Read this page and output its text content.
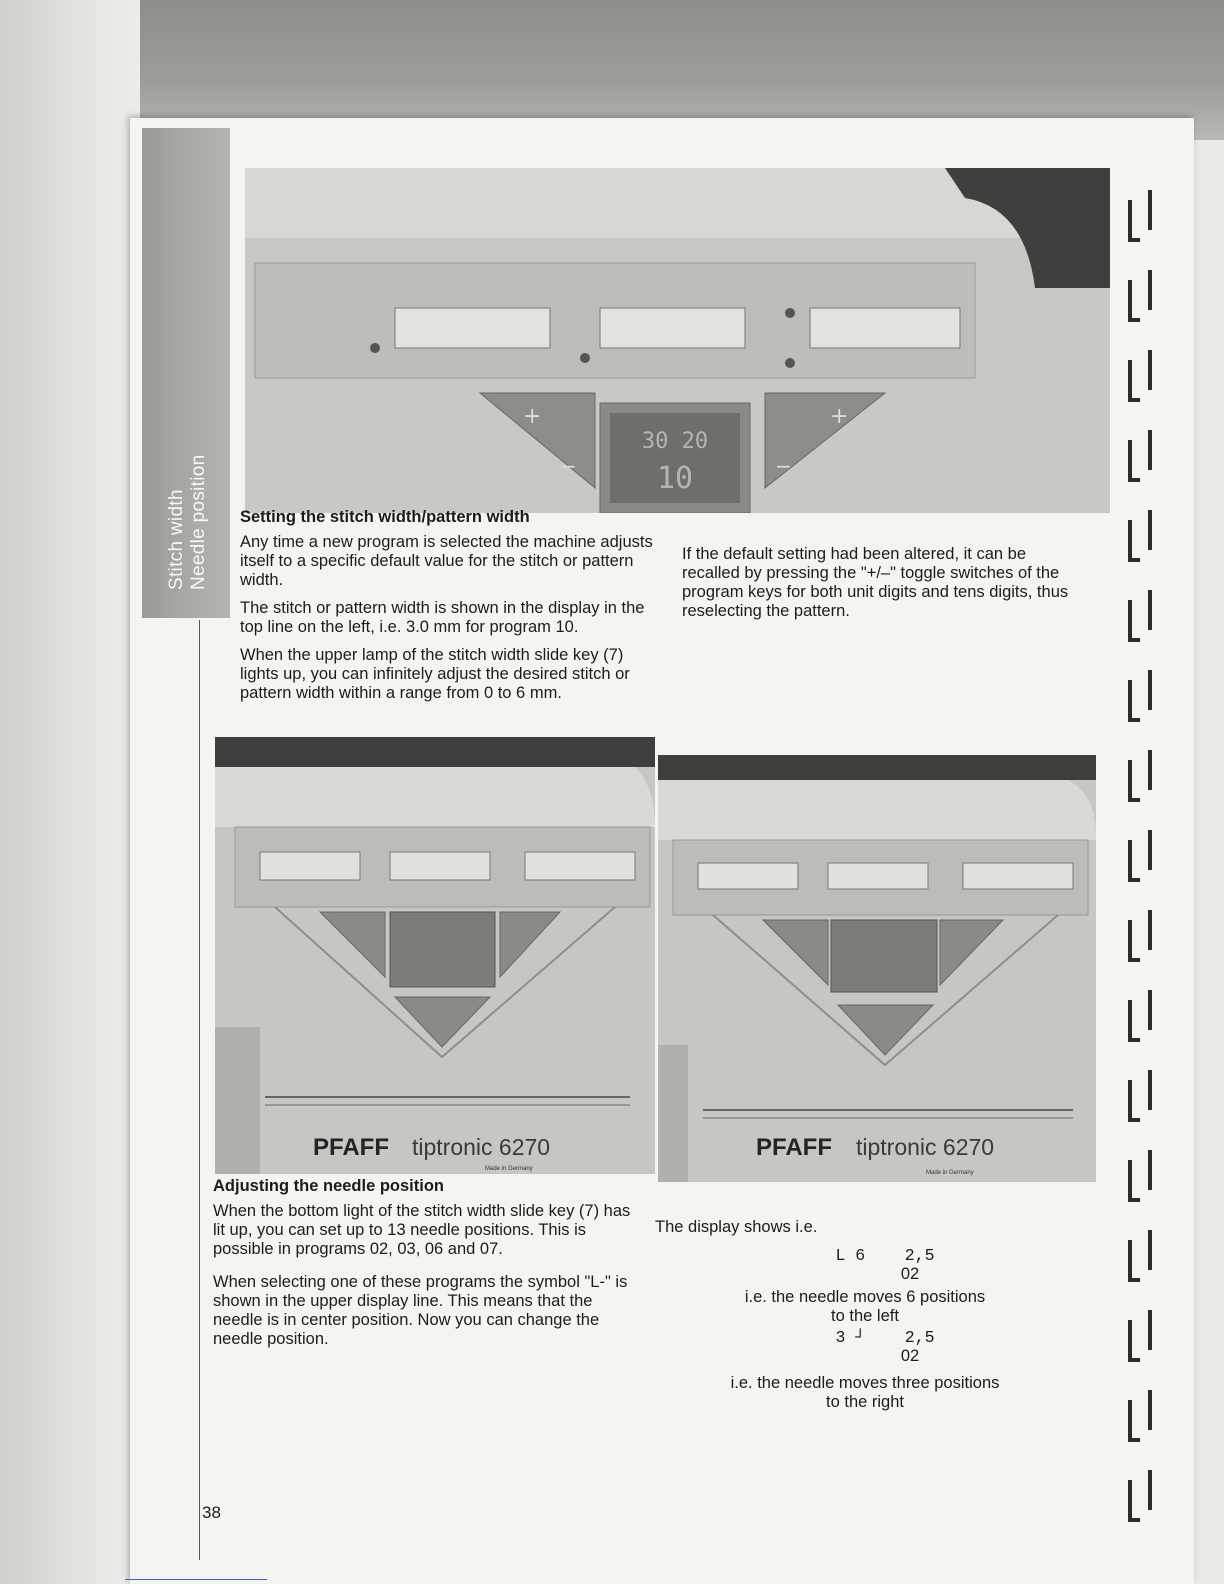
Stitch width Needle position
30 20
10
+	+
−	−
Setting the stitch width/pattern width

Any time a new program is selected the machine adjusts itself to a specific default value for the stitch or pattern width.

The stitch or pattern width is shown in the display in the top line on the left, i.e. 3.0 mm for program 10.

When the upper lamp of the stitch width slide key (7) lights up, you can infinitely adjust the desired stitch or pattern width within a range from 0 to 6 mm.

If the default setting had been altered, it can be recalled by pressing the "+/–" toggle switches of the program keys for both unit digits and tens digits, thus reselecting the pattern.

PFAFF tiptronic 6270
Made in Germany
PFAFF tiptronic 6270
Made in Germany
Adjusting the needle position

When the bottom light of the stitch width slide key (7) has lit up, you can set up to 13 needle positions. This is possible in programs 02, 03, 06 and 07.

When selecting one of these programs the symbol "L-" is shown in the upper display line. This means that the needle is in center position. Now you can change the needle position.

The display shows i.e.

L 6    2,5
02
i.e. the needle moves 6 positions
to the left
3 ┘    2,5
02
i.e. the needle moves three positions
to the right
38
